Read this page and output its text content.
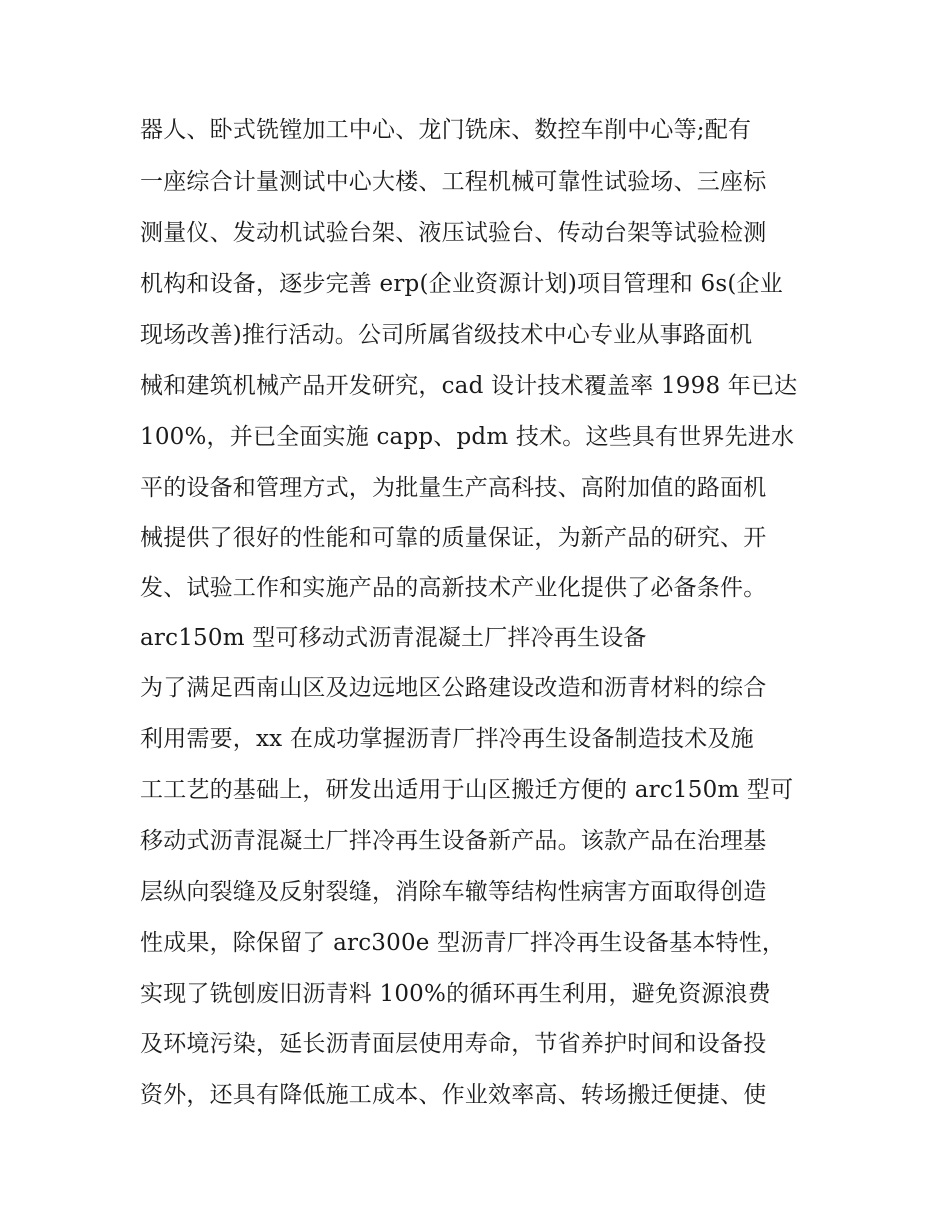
器人、卧式铣镗加工中心、龙门铣床、数控车削中心等;配有
一座综合计量测试中心大楼、工程机械可靠性试验场、三座标
测量仪、发动机试验台架、液压试验台、传动台架等试验检测
机构和设备，逐步完善 erp(企业资源计划)项目管理和 6s(企业
现场改善)推行活动。公司所属省级技术中心专业从事路面机
械和建筑机械产品开发研究，cad 设计技术覆盖率 1998 年已达
100%，并已全面实施 capp、pdm 技术。这些具有世界先进水
平的设备和管理方式，为批量生产高科技、高附加值的路面机
械提供了很好的性能和可靠的质量保证，为新产品的研究、开
发、试验工作和实施产品的高新技术产业化提供了必备条件。
arc150m 型可移动式沥青混凝土厂拌冷再生设备
为了满足西南山区及边远地区公路建设改造和沥青材料的综合
利用需要，xx 在成功掌握沥青厂拌冷再生设备制造技术及施
工工艺的基础上，研发出适用于山区搬迁方便的 arc150m 型可
移动式沥青混凝土厂拌冷再生设备新产品。该款产品在治理基
层纵向裂缝及反射裂缝，消除车辙等结构性病害方面取得创造
性成果，除保留了 arc300e 型沥青厂拌冷再生设备基本特性，
实现了铣刨废旧沥青料 100%的循环再生利用，避免资源浪费
及环境污染，延长沥青面层使用寿命，节省养护时间和设备投
资外，还具有降低施工成本、作业效率高、转场搬迁便捷、使
